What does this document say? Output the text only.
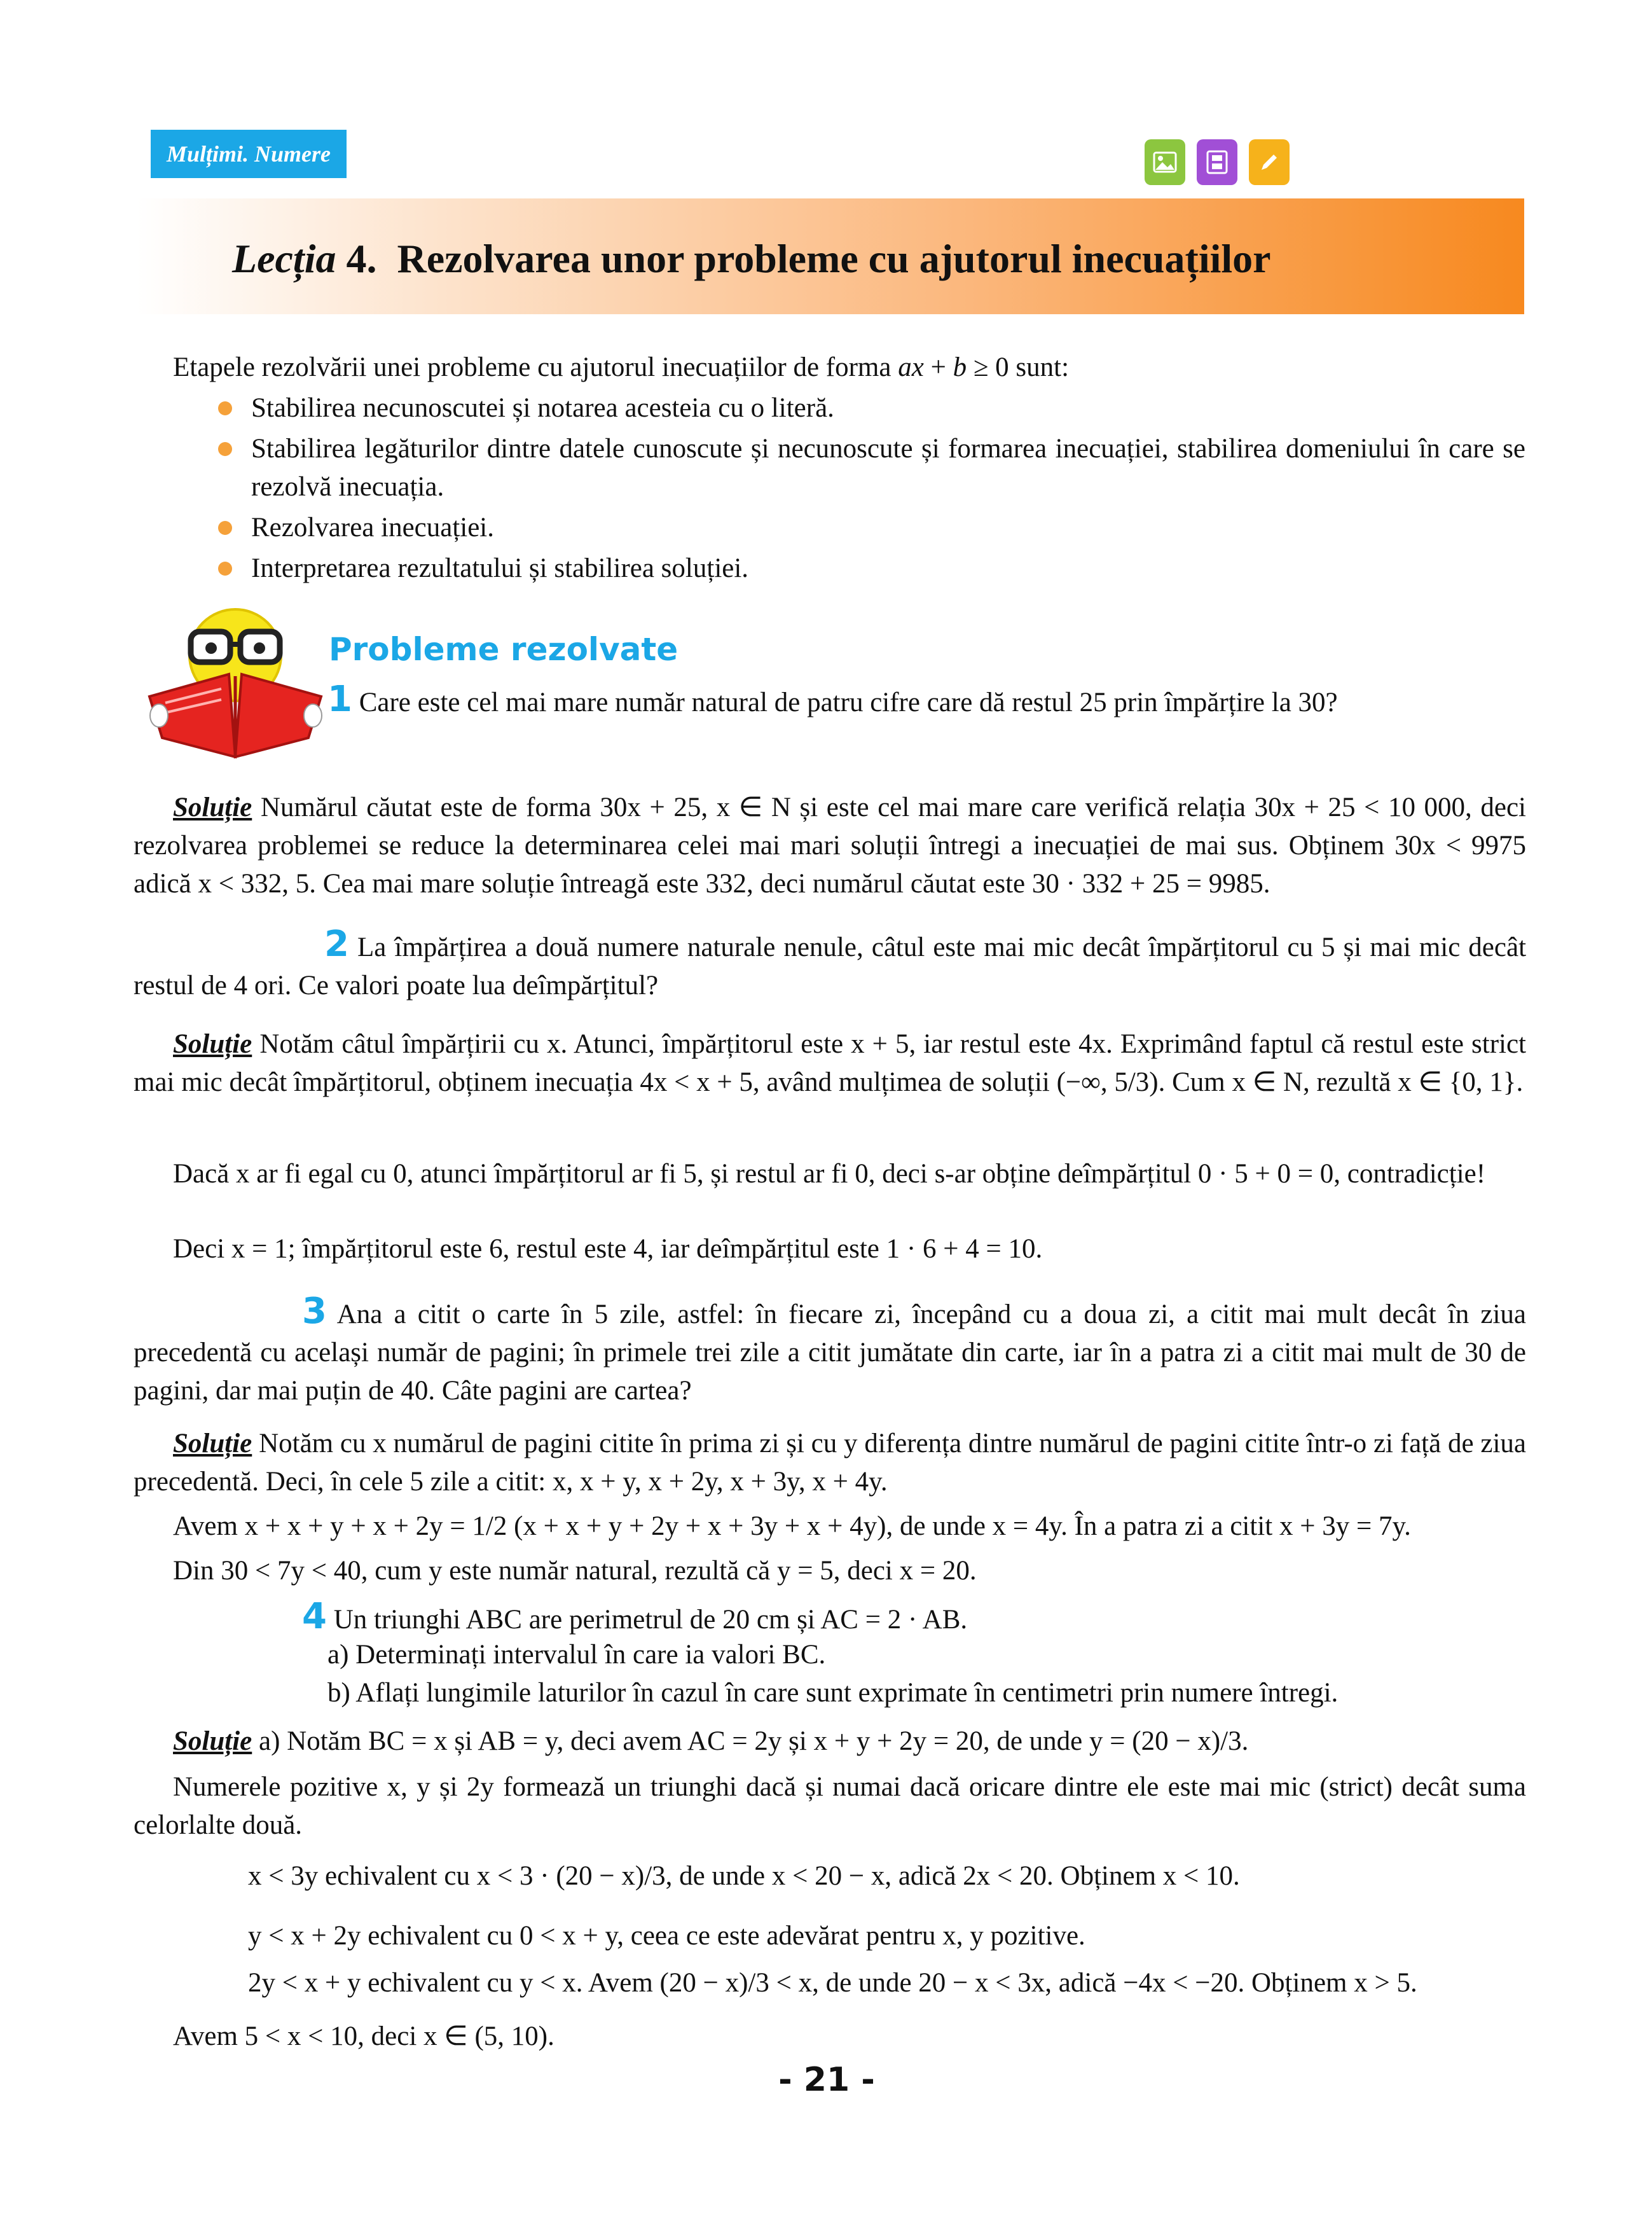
Mulțimi. Numere
Lecția 4. Rezolvarea unor probleme cu ajutorul inecuațiilor
Etapele rezolvării unei probleme cu ajutorul inecuațiilor de forma ax + b ≥ 0 sunt:
Stabilirea necunoscutei și notarea acesteia cu o literă.
Stabilirea legăturilor dintre datele cunoscute și necunoscute și formarea inecuației, stabilirea domeniului în care se rezolvă inecuația.
Rezolvarea inecuației.
Interpretarea rezultatului și stabilirea soluției.
Probleme rezolvate
1 Care este cel mai mare număr natural de patru cifre care dă restul 25 prin împărțire la 30?
Soluție Numărul căutat este de forma 30x + 25, x ∈ N și este cel mai mare care verifică relația 30x + 25 < 10 000, deci rezolvarea problemei se reduce la determinarea celei mai mari soluții întregi a inecuației de mai sus. Obținem 30x < 9975 adică x < 332, 5. Cea mai mare soluție întreagă este 332, deci numărul căutat este 30 · 332 + 25 = 9985.
2 La împărțirea a două numere naturale nenule, câtul este mai mic decât împărțitorul cu 5 și mai mic decât restul de 4 ori. Ce valori poate lua deîmpărțitul?
Soluție Notăm câtul împărțirii cu x. Atunci, împărțitorul este x + 5, iar restul este 4x. Exprimând faptul că restul este strict mai mic decât împărțitorul, obținem inecuația 4x < x + 5, având mulțimea de soluții (−∞, 5/3). Cum x ∈ N, rezultă x ∈ {0, 1}.
Dacă x ar fi egal cu 0, atunci împărțitorul ar fi 5, și restul ar fi 0, deci s-ar obține deîmpărțitul 0 · 5 + 0 = 0, contradicție!
Deci x = 1; împărțitorul este 6, restul este 4, iar deîmpărțitul este 1 · 6 + 4 = 10.
3 Ana a citit o carte în 5 zile, astfel: în fiecare zi, începând cu a doua zi, a citit mai mult decât în ziua precedentă cu același număr de pagini; în primele trei zile a citit jumătate din carte, iar în a patra zi a citit mai mult de 30 de pagini, dar mai puțin de 40. Câte pagini are cartea?
Soluție Notăm cu x numărul de pagini citite în prima zi și cu y diferența dintre numărul de pagini citite într-o zi față de ziua precedentă. Deci, în cele 5 zile a citit: x, x + y, x + 2y, x + 3y, x + 4y.
Avem x + x + y + x + 2y = 1/2 (x + x + y + 2y + x + 3y + x + 4y), de unde x = 4y. În a patra zi a citit x + 3y = 7y.
Din 30 < 7y < 40, cum y este număr natural, rezultă că y = 5, deci x = 20.
4 Un triunghi ABC are perimetrul de 20 cm și AC = 2 · AB.
a) Determinați intervalul în care ia valori BC.
b) Aflați lungimile laturilor în cazul în care sunt exprimate în centimetri prin numere întregi.
Soluție a) Notăm BC = x și AB = y, deci avem AC = 2y și x + y + 2y = 20, de unde y = (20 − x)/3.
Numerele pozitive x, y și 2y formează un triunghi dacă și numai dacă oricare dintre ele este mai mic (strict) decât suma celorlalte două.
x < 3y echivalent cu x < 3 · (20 − x)/3, de unde x < 20 − x, adică 2x < 20. Obținem x < 10.
y < x + 2y echivalent cu 0 < x + y, ceea ce este adevărat pentru x, y pozitive.
2y < x + y echivalent cu y < x. Avem (20 − x)/3 < x, de unde 20 − x < 3x, adică −4x < −20. Obținem x > 5.
Avem 5 < x < 10, deci x ∈ (5, 10).
- 21 -
